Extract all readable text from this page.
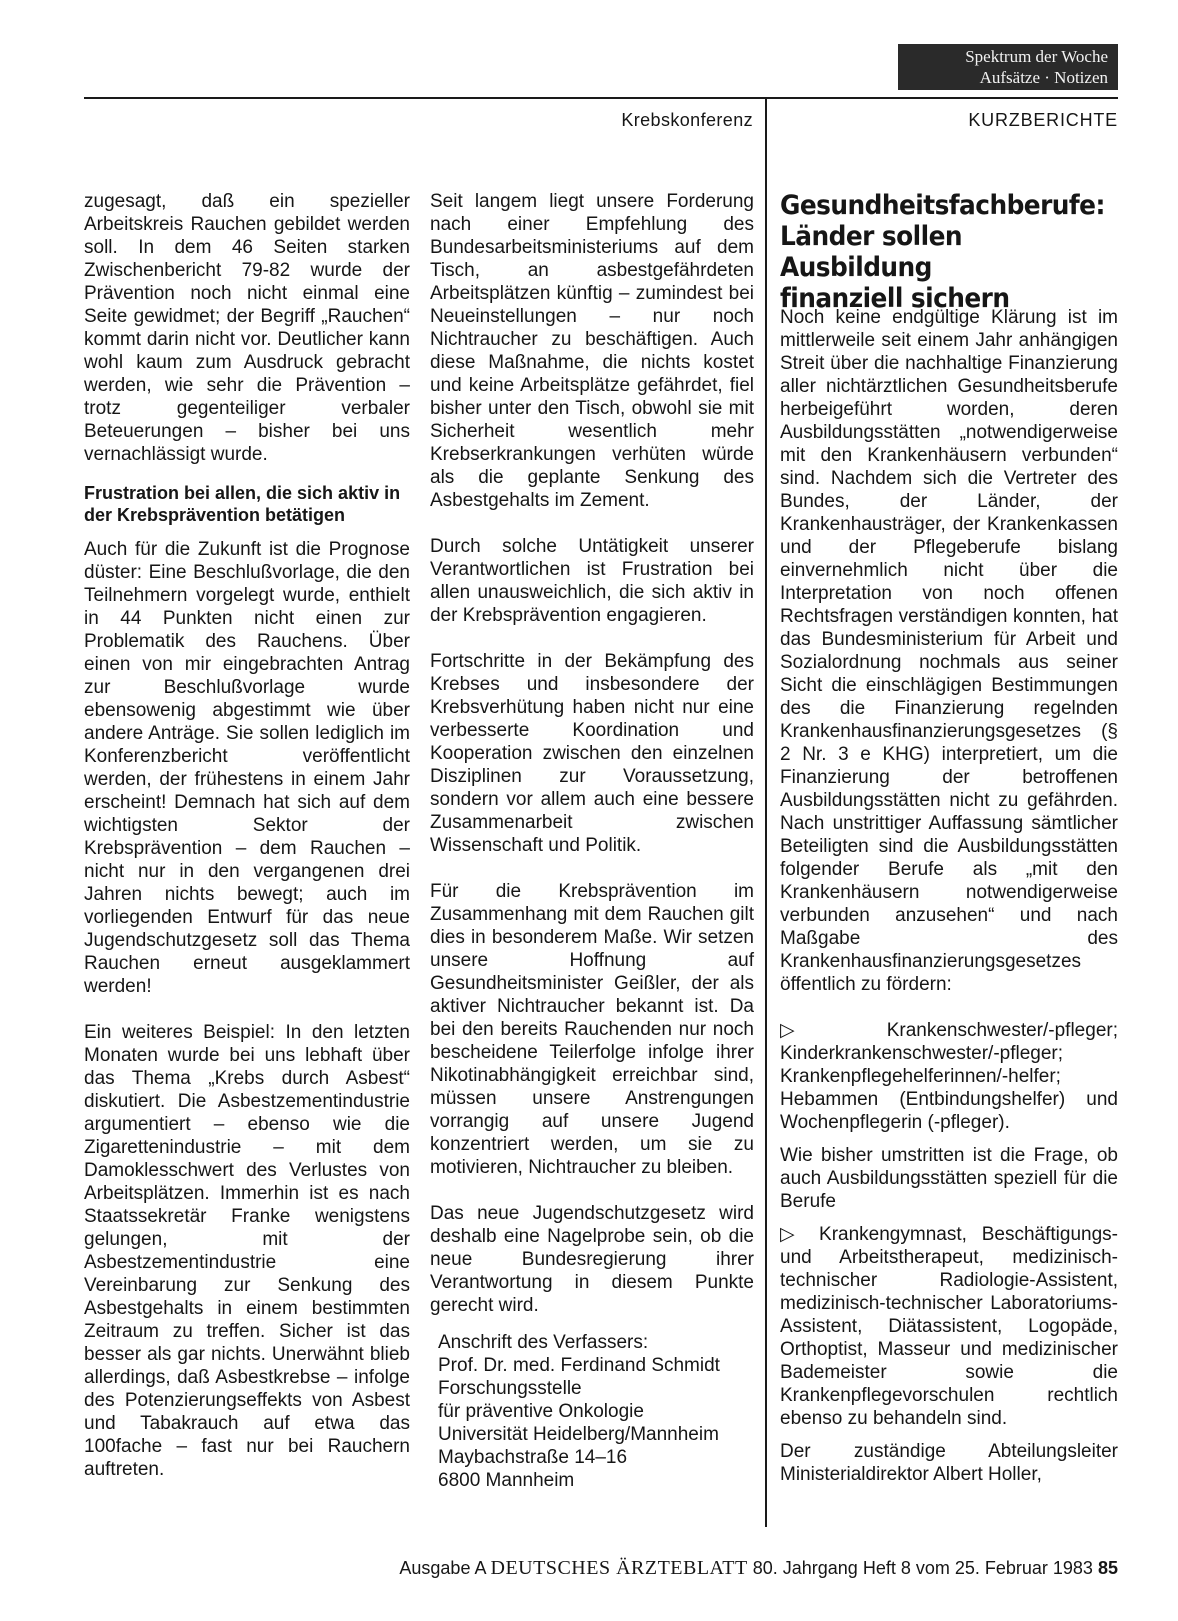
Spektrum der Woche
Aufsätze · Notizen
Krebskonferenz	KURZBERICHTE

zugesagt, daß ein spezieller Arbeitskreis Rauchen gebildet werden soll. In dem 46 Seiten starken Zwischenbericht 79-82 wurde der Prävention noch nicht einmal eine Seite gewidmet; der Begriff „Rauchen“ kommt darin nicht vor. Deutlicher kann wohl kaum zum Ausdruck gebracht werden, wie sehr die Prävention – trotz gegenteiliger verbaler Beteuerungen – bisher bei uns vernachlässigt wurde.

Frustration bei allen, die sich aktiv in der Krebsprävention betätigen

Auch für die Zukunft ist die Prognose düster: Eine Beschlußvorlage, die den Teilnehmern vorgelegt wurde, enthielt in 44 Punkten nicht einen zur Problematik des Rauchens. Über einen von mir eingebrachten Antrag zur Beschlußvorlage wurde ebensowenig abgestimmt wie über andere Anträge. Sie sollen lediglich im Konferenzbericht veröffentlicht werden, der frühestens in einem Jahr erscheint! Demnach hat sich auf dem wichtigsten Sektor der Krebsprävention – dem Rauchen – nicht nur in den vergangenen drei Jahren nichts bewegt; auch im vorliegenden Entwurf für das neue Jugendschutzgesetz soll das Thema Rauchen erneut ausgeklammert werden!

Ein weiteres Beispiel: In den letzten Monaten wurde bei uns lebhaft über das Thema „Krebs durch Asbest“ diskutiert. Die Asbestzementindustrie argumentiert – ebenso wie die Zigarettenindustrie – mit dem Damoklesschwert des Verlustes von Arbeitsplätzen. Immerhin ist es nach Staatssekretär Franke wenigstens gelungen, mit der Asbestzementindustrie eine Vereinbarung zur Senkung des Asbestgehalts in einem bestimmten Zeitraum zu treffen. Sicher ist das besser als gar nichts. Unerwähnt blieb allerdings, daß Asbestkrebse – infolge des Potenzierungseffekts von Asbest und Tabakrauch auf etwa das 100fache – fast nur bei Rauchern auftreten.

Seit langem liegt unsere Forderung nach einer Empfehlung des Bundesarbeitsministeriums auf dem Tisch, an asbestgefährdeten Arbeitsplätzen künftig – zumindest bei Neueinstellungen – nur noch Nichtraucher zu beschäftigen. Auch diese Maßnahme, die nichts kostet und keine Arbeitsplätze gefährdet, fiel bisher unter den Tisch, obwohl sie mit Sicherheit wesentlich mehr Krebserkrankungen verhüten würde als die geplante Senkung des Asbestgehalts im Zement.

Durch solche Untätigkeit unserer Verantwortlichen ist Frustration bei allen unausweichlich, die sich aktiv in der Krebsprävention engagieren.

Fortschritte in der Bekämpfung des Krebses und insbesondere der Krebsverhütung haben nicht nur eine verbesserte Koordination und Kooperation zwischen den einzelnen Disziplinen zur Voraussetzung, sondern vor allem auch eine bessere Zusammenarbeit zwischen Wissenschaft und Politik.

Für die Krebsprävention im Zusammenhang mit dem Rauchen gilt dies in besonderem Maße. Wir setzen unsere Hoffnung auf Gesundheitsminister Geißler, der als aktiver Nichtraucher bekannt ist. Da bei den bereits Rauchenden nur noch bescheidene Teilerfolge infolge ihrer Nikotinabhängigkeit erreichbar sind, müssen unsere Anstrengungen vorrangig auf unsere Jugend konzentriert werden, um sie zu motivieren, Nichtraucher zu bleiben.

Das neue Jugendschutzgesetz wird deshalb eine Nagelprobe sein, ob die neue Bundesregierung ihrer Verantwortung in diesem Punkte gerecht wird.

Anschrift des Verfassers:
Prof. Dr. med. Ferdinand Schmidt
Forschungsstelle
für präventive Onkologie
Universität Heidelberg/Mannheim
Maybachstraße 14–16
6800 Mannheim
Gesundheitsfachberufe:
Länder sollen Ausbildung
finanziell sichern

Noch keine endgültige Klärung ist im mittlerweile seit einem Jahr anhängigen Streit über die nachhaltige Finanzierung aller nichtärztlichen Gesundheitsberufe herbeigeführt worden, deren Ausbildungsstätten „notwendigerweise mit den Krankenhäusern verbunden“ sind. Nachdem sich die Vertreter des Bundes, der Länder, der Krankenhausträger, der Krankenkassen und der Pflegeberufe bislang einvernehmlich nicht über die Interpretation von noch offenen Rechtsfragen verständigen konnten, hat das Bundesministerium für Arbeit und Sozialordnung nochmals aus seiner Sicht die einschlägigen Bestimmungen des die Finanzierung regelnden Krankenhausfinanzierungsgesetzes (§ 2 Nr. 3 e KHG) interpretiert, um die Finanzierung der betroffenen Ausbildungsstätten nicht zu gefährden. Nach unstrittiger Auffassung sämtlicher Beteiligten sind die Ausbildungsstätten folgender Berufe als „mit den Krankenhäusern notwendigerweise verbunden anzusehen“ und nach Maßgabe des Krankenhausfinanzierungsgesetzes öffentlich zu fördern:

▷ Krankenschwester/-pfleger; Kinderkrankenschwester/-pfleger; Krankenpflegehelferinnen/-helfer; Hebammen (Entbindungshelfer) und Wochenpflegerin (-pfleger).

Wie bisher umstritten ist die Frage, ob auch Ausbildungsstätten speziell für die Berufe

▷ Krankengymnast, Beschäftigungs- und Arbeitstherapeut, medizinisch-technischer Radiologie-Assistent, medizinisch-technischer Laboratoriums-Assistent, Diätassistent, Logopäde, Orthoptist, Masseur und medizinischer Bademeister sowie die Krankenpflegevorschulen rechtlich ebenso zu behandeln sind.

Der zuständige Abteilungsleiter Ministerialdirektor Albert Holler,

Ausgabe A DEUTSCHES ÄRZTEBLATT 80. Jahrgang Heft 8 vom 25. Februar 1983 85
